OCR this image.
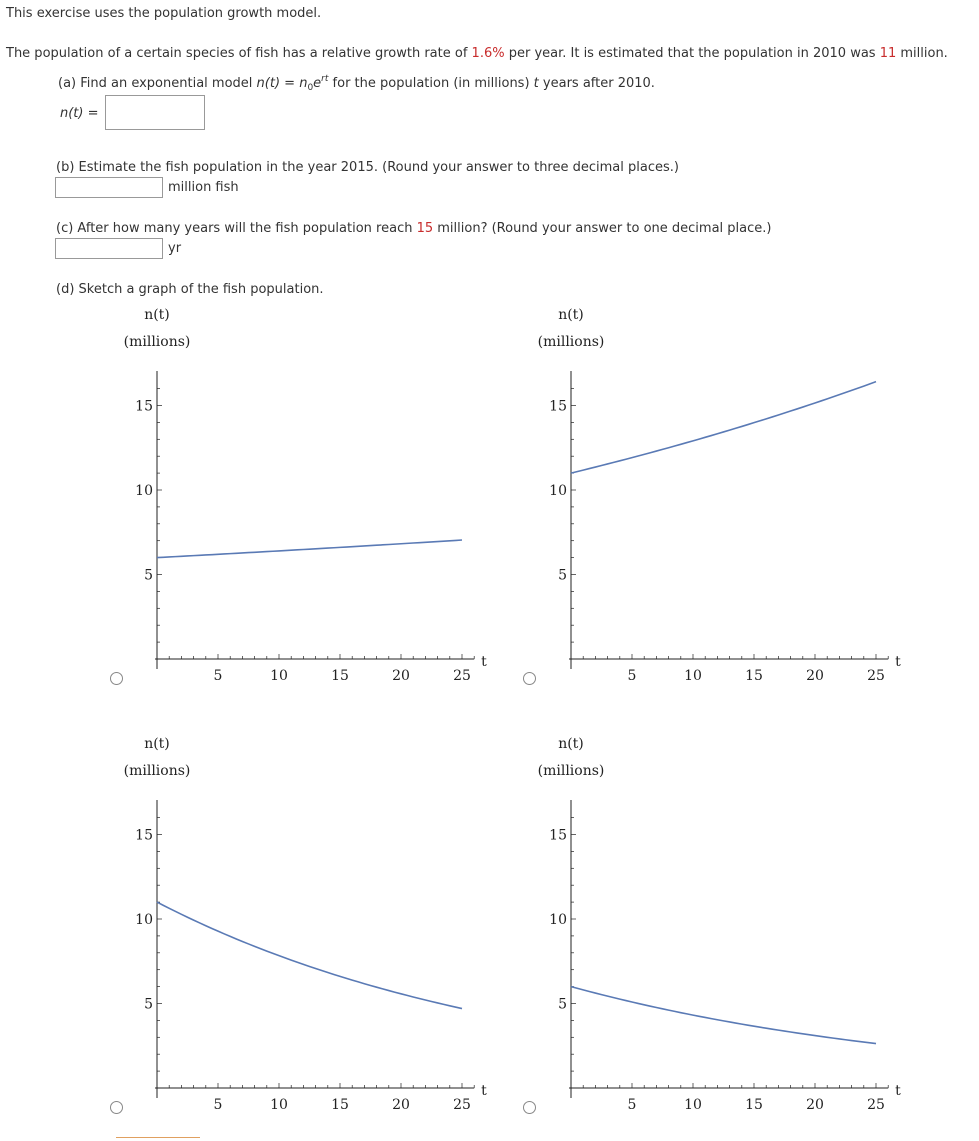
This exercise uses the population growth model.
The population of a certain species of fish has a relative growth rate of 1.6% per year. It is estimated that the population in 2010 was 11 million.
(a) Find an exponential model $n(t) = n_0e^{rt}$ for the population (in millions) t years after 2010.
n(t) =
(b) Estimate the fish population in the year 2015. (Round your answer to three decimal places.)
million fish
(c) After how many years will the fish population reach 15 million? (Round your answer to one decimal place.)
yr
(d) Sketch a graph of the fish population.
n(t)
(millions)
5	10	15	20	25
5
10
15
t
n(t)
(millions)
5	10	15	20	25
5
10
15
t
n(t)
(millions)
5	10	15	20	25
5
10
15
t
n(t)
(millions)
5	10	15	20	25
5
10
15
t
